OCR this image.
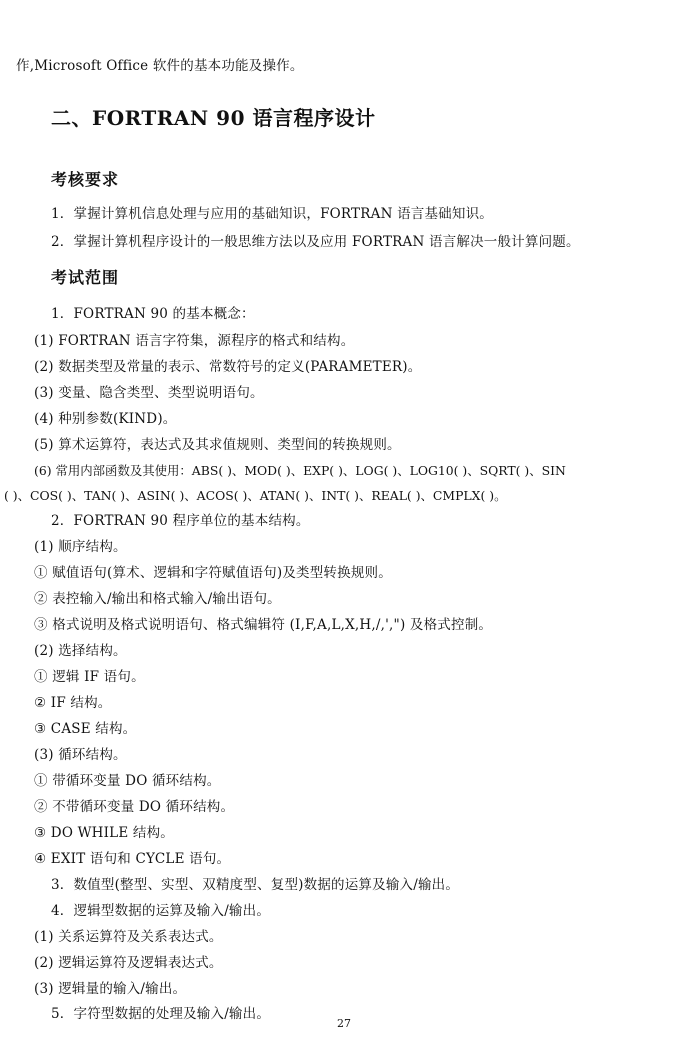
作,Microsoft Office 软件的基本功能及操作。
二、FORTRAN 90 语言程序设计
考核要求
1．掌握计算机信息处理与应用的基础知识，FORTRAN 语言基础知识。
2．掌握计算机程序设计的一般思维方法以及应用 FORTRAN 语言解决一般计算问题。
考试范围
1．FORTRAN 90 的基本概念：
(1) FORTRAN 语言字符集，源程序的格式和结构。
(2) 数据类型及常量的表示、常数符号的定义(PARAMETER)。
(3) 变量、隐含类型、类型说明语句。
(4) 种别参数(KIND)。
(5) 算术运算符，表达式及其求值规则、类型间的转换规则。
(6) 常用内部函数及其使用：ABS( )、MOD( )、EXP( )、LOG( )、LOG10( )、SQRT( )、SIN
( )、COS( )、TAN( )、ASIN( )、ACOS( )、ATAN( )、INT( )、REAL( )、CMPLX( )。
2．FORTRAN 90 程序单位的基本结构。
(1) 顺序结构。
① 赋值语句(算术、逻辑和字符赋值语句)及类型转换规则。
② 表控输入/输出和格式输入/输出语句。
③ 格式说明及格式说明语句、格式编辑符 (I,F,A,L,X,H,/,',") 及格式控制。
(2) 选择结构。
① 逻辑 IF 语句。
② IF 结构。
③ CASE 结构。
(3) 循环结构。
① 带循环变量 DO 循环结构。
② 不带循环变量 DO 循环结构。
③ DO WHILE 结构。
④ EXIT 语句和 CYCLE 语句。
3．数值型(整型、实型、双精度型、复型)数据的运算及输入/输出。
4．逻辑型数据的运算及输入/输出。
(1) 关系运算符及关系表达式。
(2) 逻辑运算符及逻辑表达式。
(3) 逻辑量的输入/输出。
5．字符型数据的处理及输入/输出。
27
